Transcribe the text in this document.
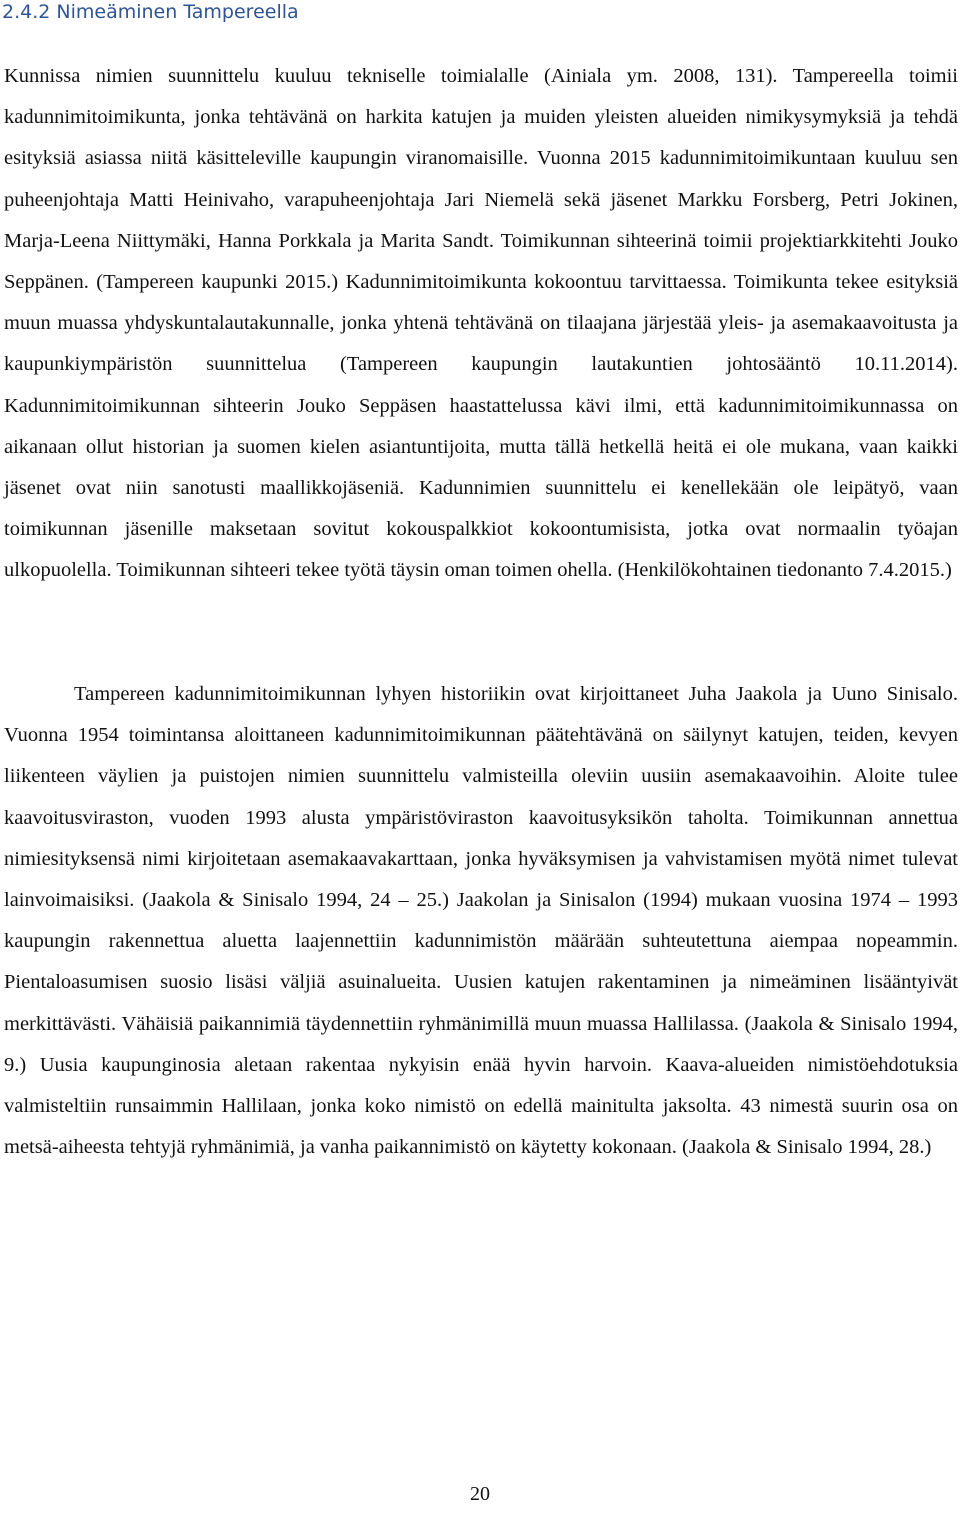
2.4.2 Nimeäminen Tampereella

Kunnissa nimien suunnittelu kuuluu tekniselle toimialalle (Ainiala ym. 2008, 131). Tampereella toimii kadunnimitoimikunta, jonka tehtävänä on harkita katujen ja muiden yleisten alueiden nimikysymyksiä ja tehdä esityksiä asiassa niitä käsitteleville kaupungin viranomaisille. Vuonna 2015 kadunnimitoimikuntaan kuuluu sen puheenjohtaja Matti Heinivaho, varapuheenjohtaja Jari Niemelä sekä jäsenet Markku Forsberg, Petri Jokinen, Marja-Leena Niittymäki, Hanna Porkkala ja Marita Sandt. Toimikunnan sihteerinä toimii projektiarkkitehti Jouko Seppänen. (Tampereen kaupunki 2015.) Kadunnimitoimikunta kokoontuu tarvittaessa. Toimikunta tekee esityksiä muun muassa yhdyskuntalautakunnalle, jonka yhtenä tehtävänä on tilaajana järjestää yleis- ja asemakaavoitusta ja kaupunkiympäristön suunnittelua (Tampereen kaupungin lautakuntien johtosääntö 10.11.2014). Kadunnimitoimikunnan sihteerin Jouko Seppäsen haastattelussa kävi ilmi, että kadunnimitoimikunnassa on aikanaan ollut historian ja suomen kielen asiantuntijoita, mutta tällä hetkellä heitä ei ole mukana, vaan kaikki jäsenet ovat niin sanotusti maallikkojäseniä. Kadunnimien suunnittelu ei kenellekään ole leipätyö, vaan toimikunnan jäsenille maksetaan sovitut kokouspalkkiot kokoontumisista, jotka ovat normaalin työajan ulkopuolella. Toimikunnan sihteeri tekee työtä täysin oman toimen ohella. (Henkilökohtainen tiedonanto 7.4.2015.)

Tampereen kadunnimitoimikunnan lyhyen historiikin ovat kirjoittaneet Juha Jaakola ja Uuno Sinisalo. Vuonna 1954 toimintansa aloittaneen kadunnimitoimikunnan päätehtävänä on säilynyt katujen, teiden, kevyen liikenteen väylien ja puistojen nimien suunnittelu valmisteilla oleviin uusiin asemakaavoihin. Aloite tulee kaavoitusviraston, vuoden 1993 alusta ympäristöviraston kaavoitusyksikön taholta. Toimikunnan annettua nimiesityksensä nimi kirjoitetaan asemakaavakarttaan, jonka hyväksymisen ja vahvistamisen myötä nimet tulevat lainvoimaisiksi. (Jaakola & Sinisalo 1994, 24 – 25.) Jaakolan ja Sinisalon (1994) mukaan vuosina 1974 – 1993 kaupungin rakennettua aluetta laajennettiin kadunnimistön määrään suhteutettuna aiempaa nopeammin. Pientaloasumisen suosio lisäsi väljiä asuinalueita. Uusien katujen rakentaminen ja nimeäminen lisääntyivät merkittävästi. Vähäisiä paikannimiä täydennettiin ryhmänimillä muun muassa Hallilassa. (Jaakola & Sinisalo 1994, 9.) Uusia kaupunginosia aletaan rakentaa nykyisin enää hyvin harvoin. Kaava-alueiden nimistöehdotuksia valmisteltiin runsaimmin Hallilaan, jonka koko nimistö on edellä mainitulta jaksolta. 43 nimestä suurin osa on metsä-aiheesta tehtyjä ryhmänimiä, ja vanha paikannimistö on käytetty kokonaan. (Jaakola & Sinisalo 1994, 28.)

20
